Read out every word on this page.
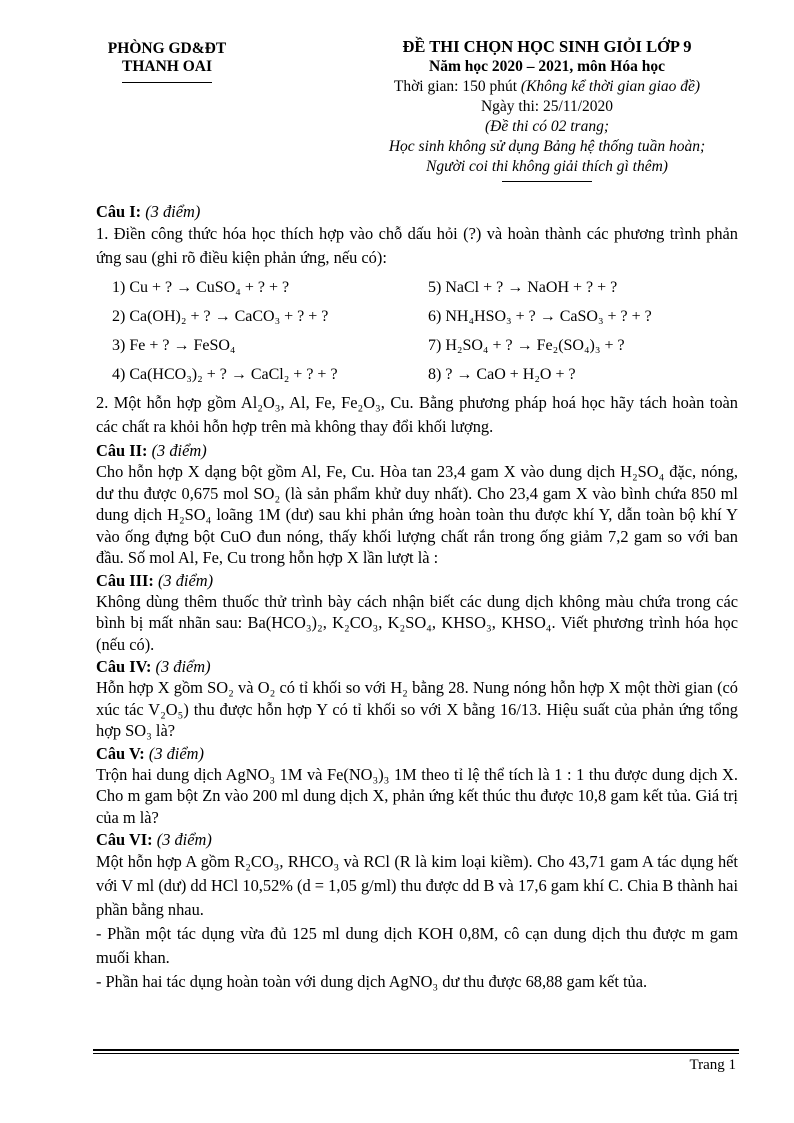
PHÒNG GD&ĐT THANH OAI
ĐỀ THI CHỌN HỌC SINH GIỎI LỚP 9
Năm học 2020 – 2021, môn Hóa học
Thời gian: 150 phút (Không kể thời gian giao đề)
Ngày thi: 25/11/2020
(Đề thi có 02 trang;
Học sinh không sử dụng Bảng hệ thống tuần hoàn;
Người coi thi không giải thích gì thêm)
Câu I: (3 điểm)

1. Điền công thức hóa học thích hợp vào chỗ dấu hỏi (?) và hoàn thành các phương trình phản ứng sau (ghi rõ điều kiện phản ứng, nếu có):

1) Cu + ? → CuSO₄ + ? + ?	5) NaCl + ? → NaOH + ? + ?
2) Ca(OH)₂ + ? → CaCO₃ + ? + ?	6) NH₄HSO₃ + ? → CaSO₃ + ? + ?
3) Fe + ? → FeSO₄	7) H₂SO₄ + ? → Fe₂(SO₄)₃ + ?
4) Ca(HCO₃)₂ + ? → CaCl₂ + ? + ?	8) ? → CaO + H₂O + ?

2. Một hỗn hợp gồm Al₂O₃, Al, Fe, Fe₂O₃, Cu. Bằng phương pháp hoá học hãy tách hoàn toàn các chất ra khỏi hỗn hợp trên mà không thay đổi khối lượng.

Câu II: (3 điểm)

Cho hỗn hợp X dạng bột gồm Al, Fe, Cu. Hòa tan 23,4 gam X vào dung dịch H₂SO₄ đặc, nóng, dư thu được 0,675 mol SO₂ (là sản phẩm khử duy nhất). Cho 23,4 gam X vào bình chứa 850 ml dung dịch H₂SO₄ loãng 1M (dư) sau khi phản ứng hoàn toàn thu được khí Y, dẫn toàn bộ khí Y vào ống đựng bột CuO đun nóng, thấy khối lượng chất rắn trong ống giảm 7,2 gam so với ban đầu. Số mol Al, Fe, Cu trong hỗn hợp X lần lượt là :

Câu III: (3 điểm)

Không dùng thêm thuốc thử trình bày cách nhận biết các dung dịch không màu chứa trong các bình bị mất nhãn sau: Ba(HCO₃)₂, K₂CO₃, K₂SO₄, KHSO₃, KHSO₄. Viết phương trình hóa học (nếu có).

Câu IV: (3 điểm)

Hỗn hợp X gồm SO₂ và O₂ có tỉ khối so với H₂ bằng 28. Nung nóng hỗn hợp X một thời gian (có xúc tác V₂O₅) thu được hỗn hợp Y có tỉ khối so với X bằng 16/13. Hiệu suất của phản ứng tổng hợp SO₃ là?

Câu V: (3 điểm)

Trộn hai dung dịch AgNO₃ 1M và Fe(NO₃)₃ 1M theo tỉ lệ thể tích là 1 : 1 thu được dung dịch X. Cho m gam bột Zn vào 200 ml dung dịch X, phản ứng kết thúc thu được 10,8 gam kết tủa. Giá trị của m là?

Câu VI: (3 điểm)

Một hỗn hợp A gồm R₂CO₃, RHCO₃ và RCl (R là kim loại kiềm). Cho 43,71 gam A tác dụng hết với V ml (dư) dd HCl 10,52% (d = 1,05 g/ml) thu được dd B và 17,6 gam khí C. Chia B thành hai phần bằng nhau.

- Phần một tác dụng vừa đủ 125 ml dung dịch KOH 0,8M, cô cạn dung dịch thu được m gam muối khan.

- Phần hai tác dụng hoàn toàn với dung dịch AgNO₃ dư thu được 68,88 gam kết tủa.

Trang 1
